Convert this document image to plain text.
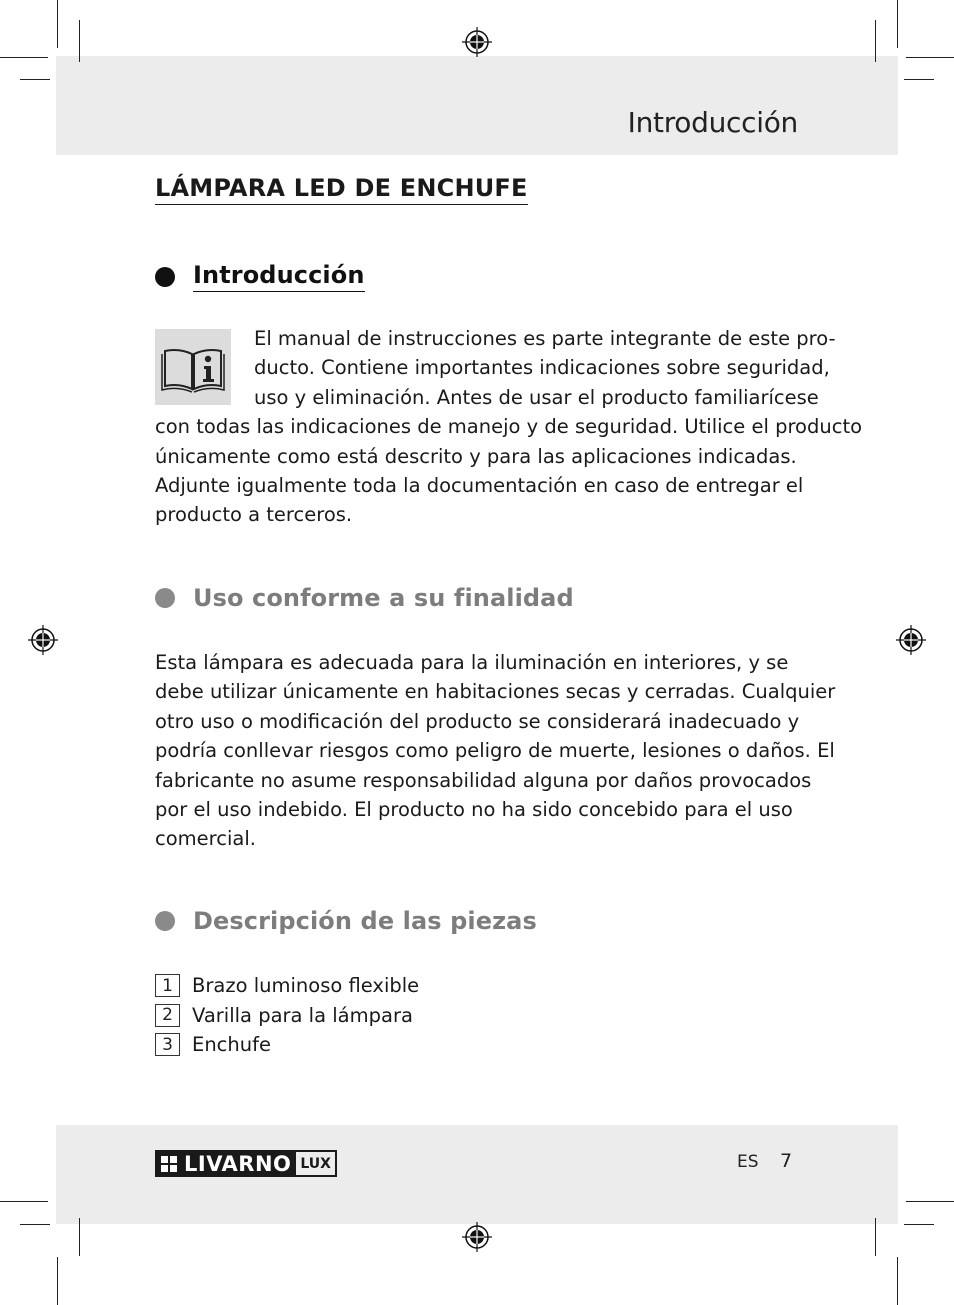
Introducción
LÁMPARA LED DE ENCHUFE
Introducción
El manual de instrucciones es parte integrante de este pro-
ducto. Contiene importantes indicaciones sobre seguridad,
uso y eliminación. Antes de usar el producto familiarícese
con todas las indicaciones de manejo y de seguridad. Utilice el producto
únicamente como está descrito y para las aplicaciones indicadas.
Adjunte igualmente toda la documentación en caso de entregar el
producto a terceros.
Uso conforme a su finalidad
Esta lámpara es adecuada para la iluminación en interiores, y se
debe utilizar únicamente en habitaciones secas y cerradas. Cualquier
otro uso o modificación del producto se considerará inadecuado y
podría conllevar riesgos como peligro de muerte, lesiones o daños. El
fabricante no asume responsabilidad alguna por daños provocados
por el uso indebido. El producto no ha sido concebido para el uso
comercial.
Descripción de las piezas
1 Brazo luminoso flexible
2 Varilla para la lámpara
3 Enchufe
LIVARNO LUX	ES 7
